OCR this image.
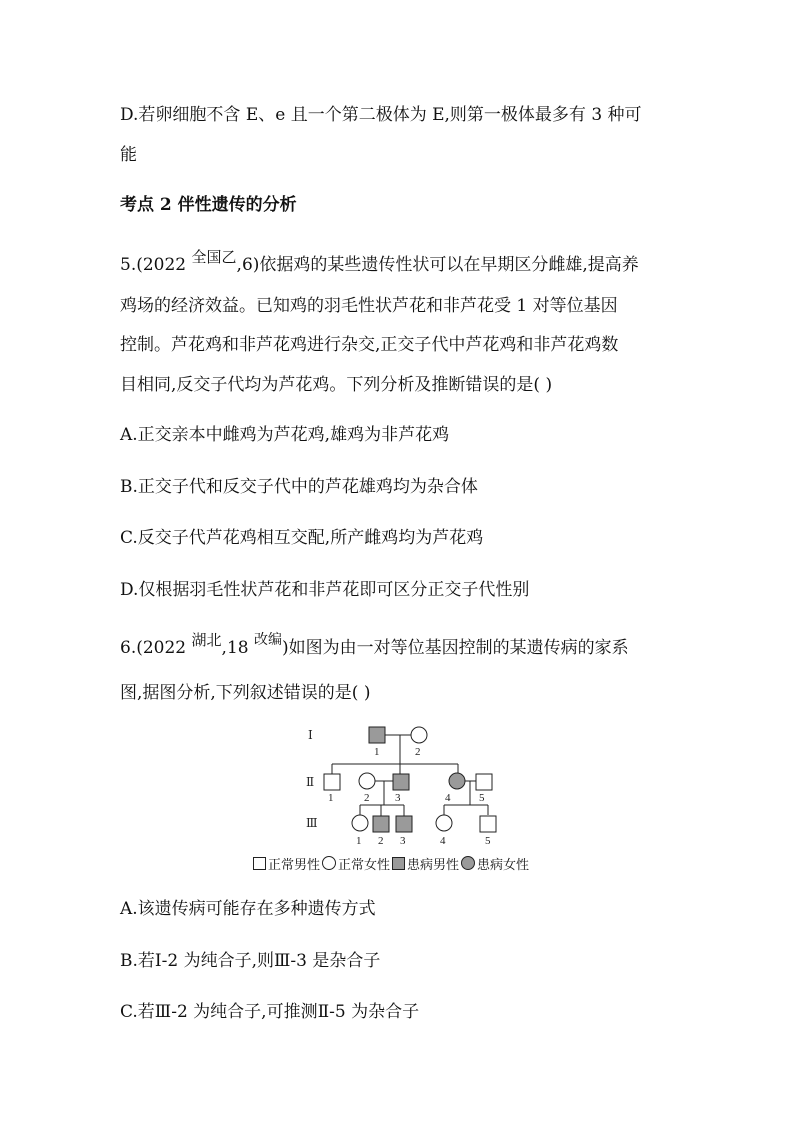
D.若卵细胞不含 E、e 且一个第二极体为 E,则第一极体最多有 3 种可
能
考点 2 伴性遗传的分析
5.(2022 全国乙,6)依据鸡的某些遗传性状可以在早期区分雌雄,提高养
鸡场的经济效益。已知鸡的羽毛性状芦花和非芦花受 1 对等位基因
控制。芦花鸡和非芦花鸡进行杂交,正交子代中芦花鸡和非芦花鸡数
目相同,反交子代均为芦花鸡。下列分析及推断错误的是( )
A.正交亲本中雌鸡为芦花鸡,雄鸡为非芦花鸡
B.正交子代和反交子代中的芦花雄鸡均为杂合体
C.反交子代芦花鸡相互交配,所产雌鸡均为芦花鸡
D.仅根据羽毛性状芦花和非芦花即可区分正交子代性别
6.(2022 湖北,18 $^{改编}$)如图为由一对等位基因控制的某遗传病的家系
图,据图分析,下列叙述错误的是( )
Ⅰ
Ⅱ
Ⅲ
1	2
1	2 3	4	5
1 2 3	4	5
正常男性 正常女性 患病男性 患病女性
A.该遗传病可能存在多种遗传方式
B.若Ⅰ-2 为纯合子,则Ⅲ-3 是杂合子
C.若Ⅲ-2 为纯合子,可推测Ⅱ-5 为杂合子
